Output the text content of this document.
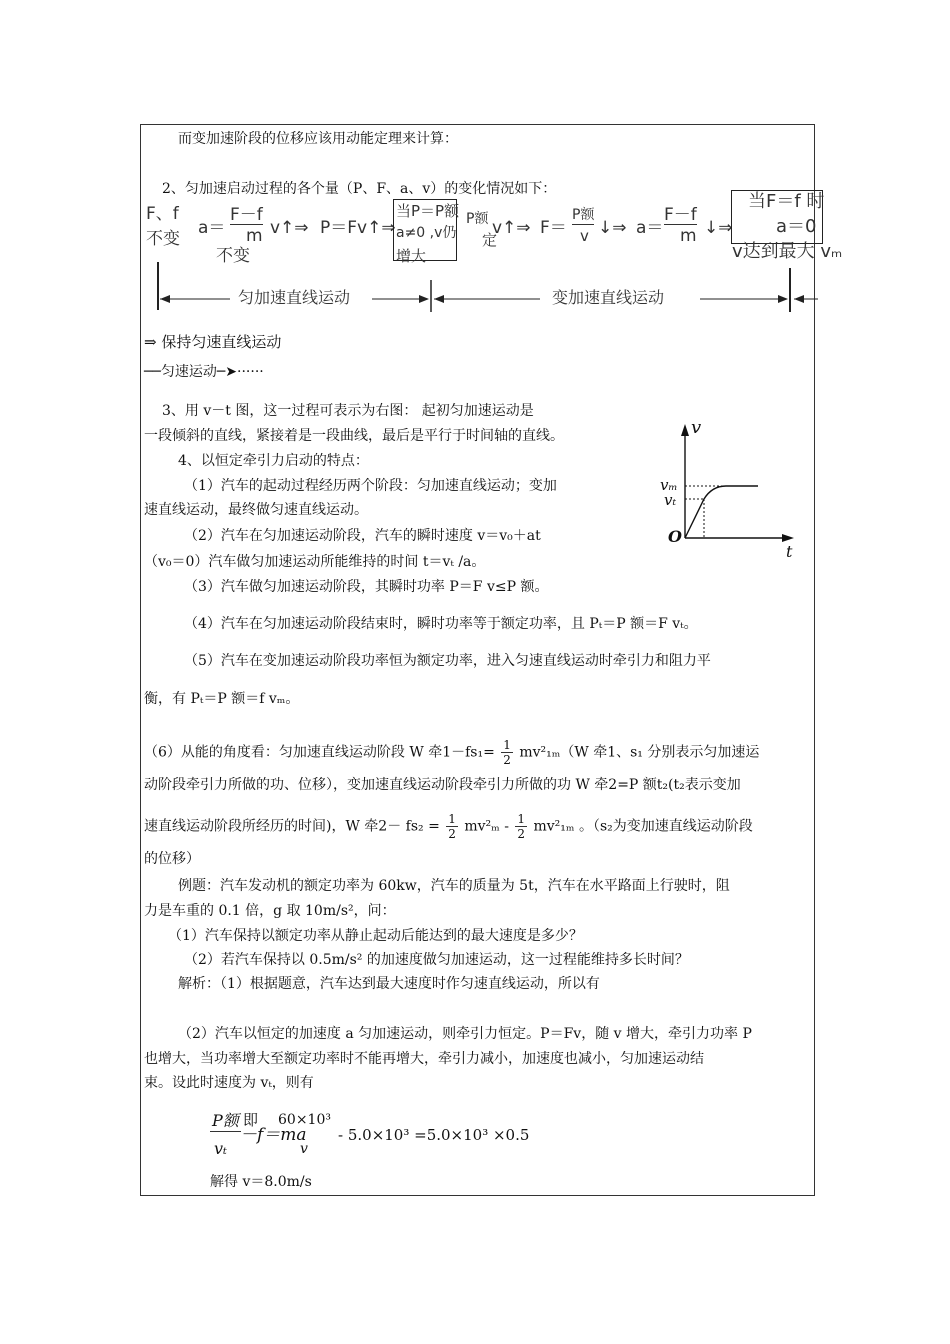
而变加速阶段的位移应该用动能定理来计算：
2、匀加速启动过程的各个量（P、F、a、v）的变化情况如下：
F、f
不变
a＝
F－f
m v↑⇒
不变
P＝Fv↑⇒
当P＝P额
a≠0 ,v仍
增大
P额
定
v↑⇒ F＝
P额
v ↓⇒ a＝
F－f
m ↓⇒
当F＝f 时
a＝0
v达到最大 vₘ
匀加速直线运动	变加速直线运动
⇒ 保持匀速直线运动
──匀速运动─➤······
3、用 v－t 图，这一过程可表示为右图： 起初匀加速运动是
一段倾斜的直线，紧接着是一段曲线，最后是平行于时间轴的直线。
4、以恒定牵引力启动的特点：
（1）汽车的起动过程经历两个阶段：匀加速直线运动；变加
速直线运动，最终做匀速直线运动。
（2）汽车在匀加速运动阶段，汽车的瞬时速度 v＝v₀＋at
（v₀＝0）汽车做匀加速运动所能维持的时间 t＝vₜ /a。
（3）汽车做匀加速运动阶段，其瞬时功率 P＝F v≤P 额。
v
t
vₘ
vₜ
O
（4）汽车在匀加速运动阶段结束时，瞬时功率等于额定功率，且 Pₜ＝P 额＝F vₜ。
（5）汽车在变加速运动阶段功率恒为额定功率，进入匀速直线运动时牵引力和阻力平
衡，有 Pₜ＝P 额＝f vₘ。
（6）从能的角度看：匀加速直线运动阶段 W 牵$1-fs_1= \frac{1}{2} mv^2_{1m}(W$ 牵1、s₁ 分别表示匀加速运
动阶段牵引力所做的功、位移），变加速直线运动阶段牵引力所做的功 W 牵2=P 额t₂(t₂表示变加
速直线运动阶段所经历的时间)，W 牵$2- fs_2 = \frac{1}{2} mv^2_m - \frac{1}{2} mv^2_{1m}$ 。（s₂为变加速直线运动阶段
的位移）
例题：汽车发动机的额定功率为 60kw，汽车的质量为 5t，汽车在水平路面上行驶时，阻
力是车重的 0.1 倍，g 取 10m/s²，问：
（1）汽车保持以额定功率从静止起动后能达到的最大速度是多少？
（2）若汽车保持以 0.5m/s² 的加速度做匀加速运动，这一过程能维持多长时间？
解析：（1）根据题意，汽车达到最大速度时作匀速直线运动，所以有
（2）汽车以恒定的加速度 a 匀加速运动，则牵引力恒定。P＝Fv，随 v 增大，牵引力功率 P
也增大，当功率增大至额定功率时不能再增大，牵引力减小，加速度也减小，匀加速运动结
束。设此时速度为 vₜ，则有
P额 即
vₜ
－f＝ma
60×10³
v
- 5.0×10³ =5.0×10³ ×0.5
解得 v＝8.0m/s
